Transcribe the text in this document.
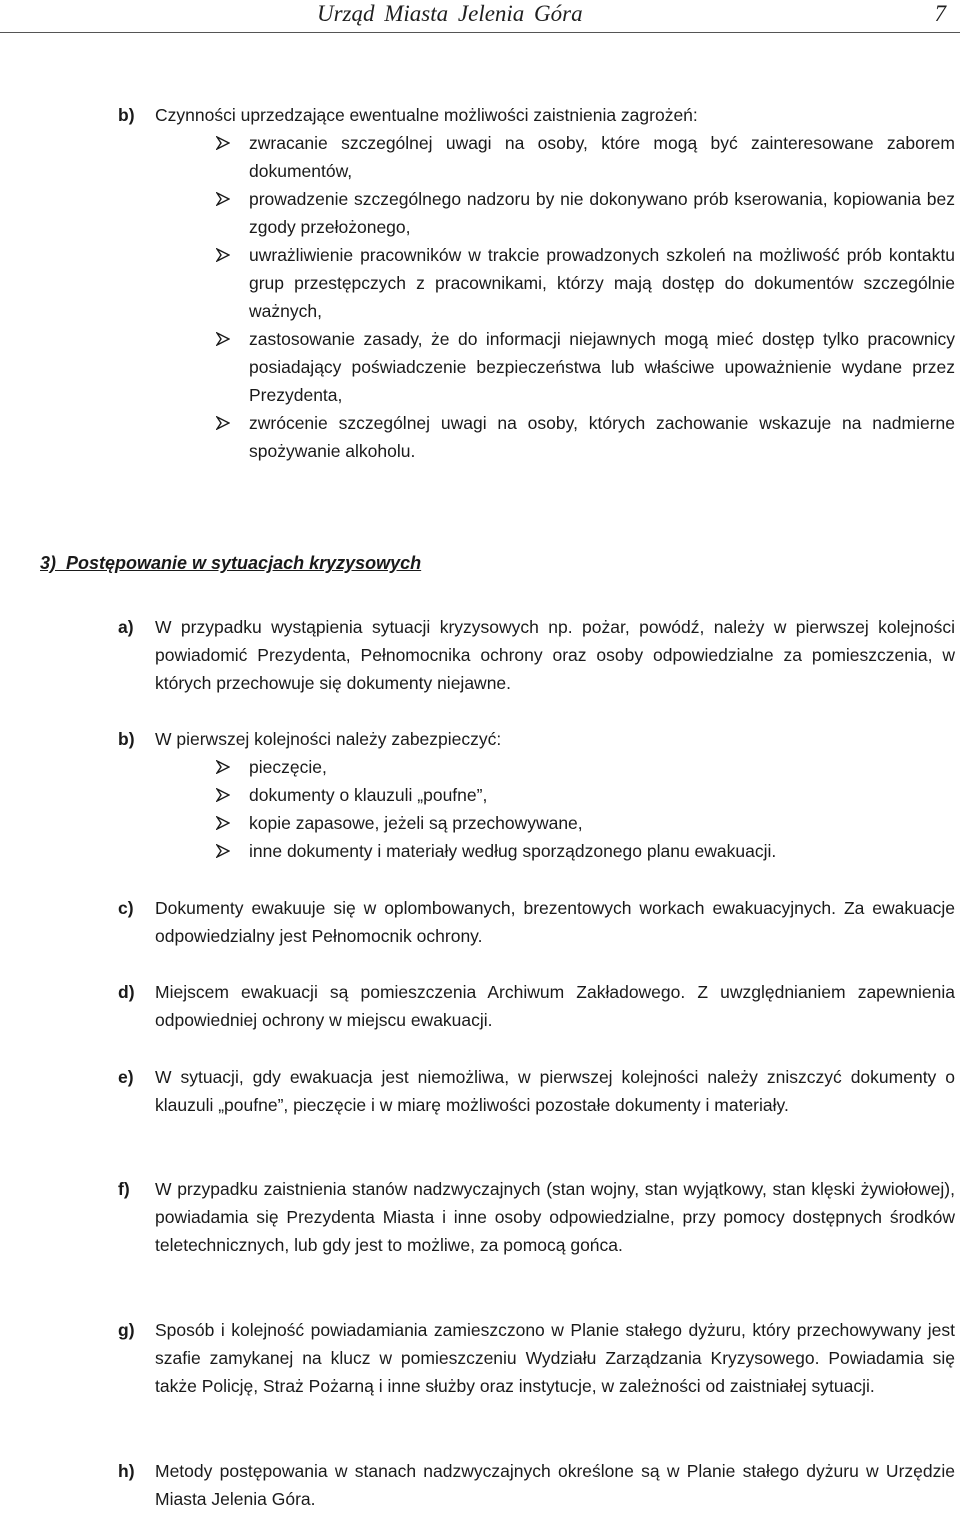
Urząd Miasta Jelenia Góra	7
b) Czynności uprzedzające ewentualne możliwości zaistnienia zagrożeń:
zwracanie szczególnej uwagi na osoby, które mogą być zainteresowane zaborem dokumentów,
prowadzenie szczególnego nadzoru by nie dokonywano prób kserowania, kopiowania bez zgody przełożonego,
uwrażliwienie pracowników w trakcie prowadzonych szkoleń na możliwość prób kontaktu grup przestępczych z pracownikami, którzy mają dostęp do dokumentów szczególnie ważnych,
zastosowanie zasady, że do informacji niejawnych mogą mieć dostęp tylko pracownicy posiadający poświadczenie bezpieczeństwa lub właściwe upoważnienie wydane przez Prezydenta,
zwrócenie szczególnej uwagi na osoby, których zachowanie wskazuje na nadmierne spożywanie alkoholu.
3)  Postępowanie w sytuacjach kryzysowych
a) W przypadku wystąpienia sytuacji kryzysowych np. pożar, powódź, należy w pierwszej kolejności powiadomić Prezydenta, Pełnomocnika ochrony oraz osoby odpowiedzialne za pomieszczenia, w których przechowuje się dokumenty niejawne.
b) W pierwszej kolejności należy zabezpieczyć:
pieczęcie,
dokumenty o klauzuli „poufne”,
kopie zapasowe, jeżeli są przechowywane,
inne dokumenty i materiały według sporządzonego planu ewakuacji.
c) Dokumenty ewakuuje się w oplombowanych, brezentowych workach ewakuacyjnych. Za ewakuacje odpowiedzialny jest Pełnomocnik ochrony.
d) Miejscem ewakuacji są pomieszczenia Archiwum Zakładowego. Z uwzględnianiem zapewnienia odpowiedniej ochrony w miejscu ewakuacji.
e) W sytuacji, gdy ewakuacja jest niemożliwa, w pierwszej kolejności należy zniszczyć dokumenty o klauzuli „poufne”, pieczęcie i w miarę możliwości pozostałe dokumenty i materiały.
f) W przypadku zaistnienia stanów nadzwyczajnych (stan wojny, stan wyjątkowy, stan klęski żywiołowej), powiadamia się Prezydenta Miasta i inne osoby odpowiedzialne, przy pomocy dostępnych środków teletechnicznych, lub gdy jest to możliwe, za pomocą gońca.
g) Sposób i kolejność powiadamiania zamieszczono w Planie stałego dyżuru, który przechowywany jest szafie zamykanej na klucz w pomieszczeniu Wydziału Zarządzania Kryzysowego. Powiadamia się także Policję, Straż Pożarną i inne służby oraz instytucje, w zależności od zaistniałej sytuacji.
h) Metody postępowania w stanach nadzwyczajnych określone są w Planie stałego dyżuru w Urzędzie Miasta Jelenia Góra.
